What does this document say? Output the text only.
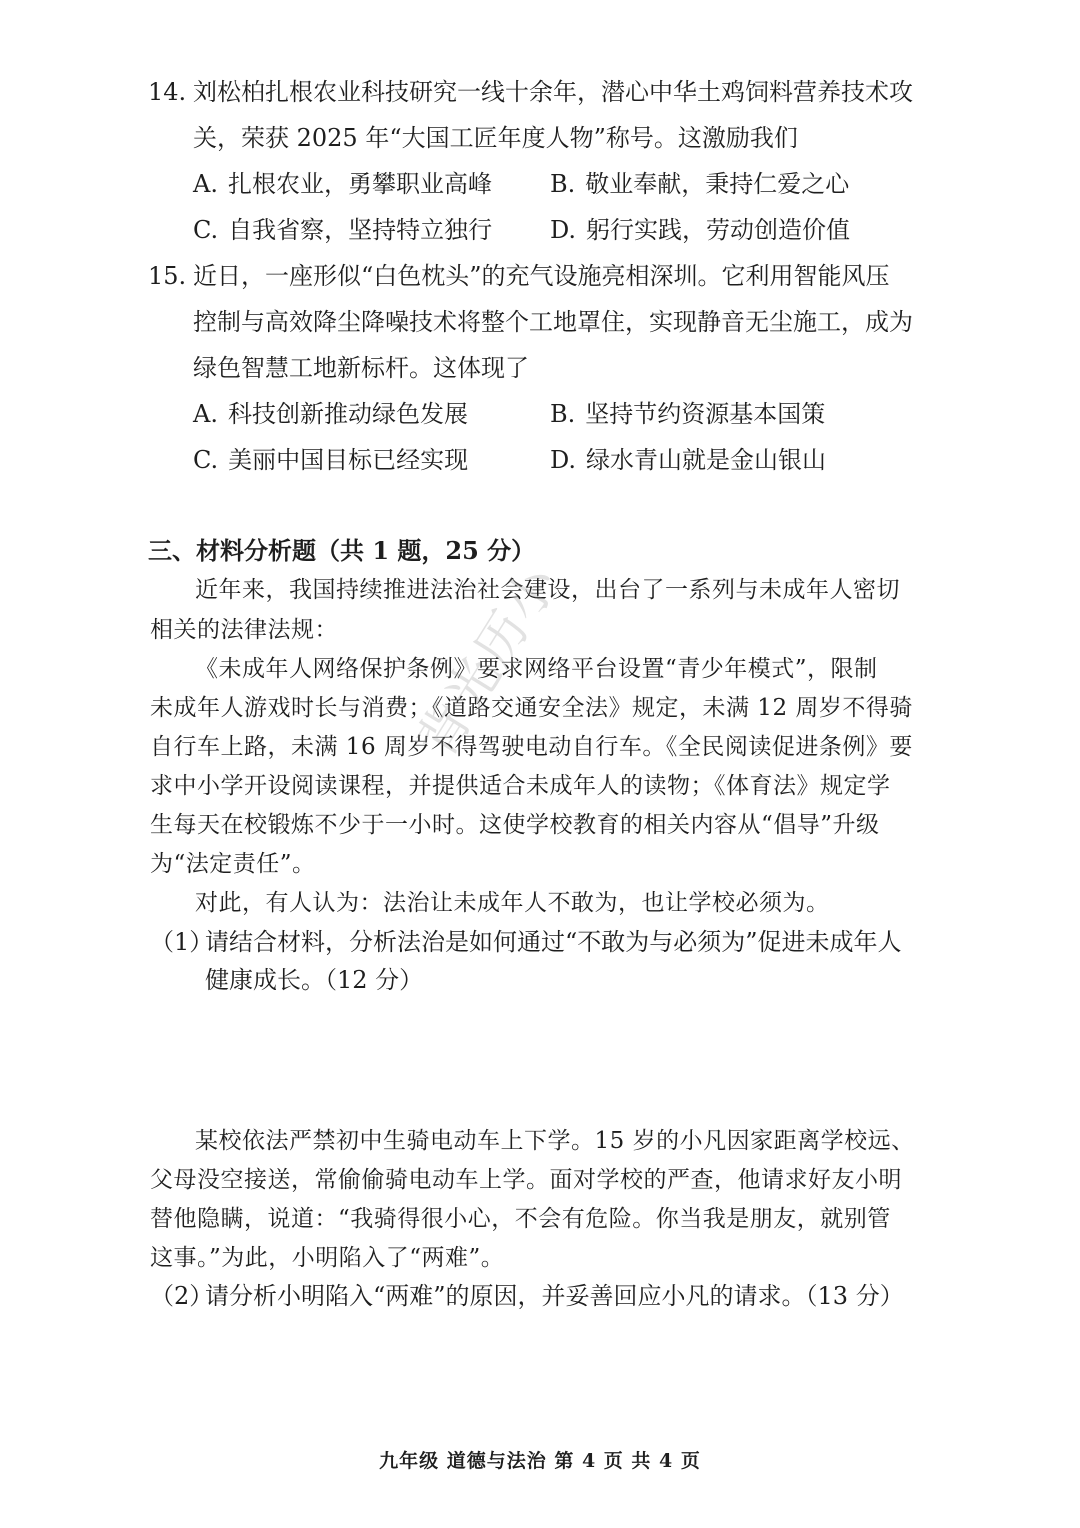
14. 刘松柏扎根农业科技研究一线十余年，潜心中华土鸡饲料营养技术攻
关，荣获 2025 年“大国工匠年度人物”称号。这激励我们
A. 扎根农业，勇攀职业高峰 B. 敬业奉献，秉持仁爱之心
C. 自我省察，坚持特立独行 D. 躬行实践，劳动创造价值
15. 近日，一座形似“白色枕头”的充气设施亮相深圳。它利用智能风压
控制与高效降尘降噪技术将整个工地罩住，实现静音无尘施工，成为
绿色智慧工地新标杆。这体现了
A. 科技创新推动绿色发展	B. 坚持节约资源基本国策
C. 美丽中国目标已经实现	D. 绿水青山就是金山银山
三、材料分析题（共 1 题，25 分）
近年来，我国持续推进法治社会建设，出台了一系列与未成年人密切
相关的法律法规：
《未成年人网络保护条例》要求网络平台设置“青少年模式”，限制
未成年人游戏时长与消费；《道路交通安全法》规定，未满 12 周岁不得骑
自行车上路，未满 16 周岁不得驾驶电动自行车。《全民阅读促进条例》要
求中小学开设阅读课程，并提供适合未成年人的读物；《体育法》规定学
生每天在校锻炼不少于一小时。这使学校教育的相关内容从“倡导”升级
为“法定责任”。
对此，有人认为：法治让未成年人不敢为，也让学校必须为。
（1）
请结合材料，分析法治是如何通过“不敢为与必须为”促进未成年人
健康成长。（12 分）
某校依法严禁初中生骑电动车上下学。15 岁的小凡因家距离学校远、
父母没空接送，常偷偷骑电动车上学。面对学校的严查，他请求好友小明
替他隐瞒，说道：“我骑得很小心，不会有危险。你当我是朋友，就别管
这事。”为此，小明陷入了“两难”。
（2）
请分析小明陷入“两难”的原因，并妥善回应小凡的请求。（13 分）
背光历小
九年级 道德与法治 第 4 页 共 4 页
